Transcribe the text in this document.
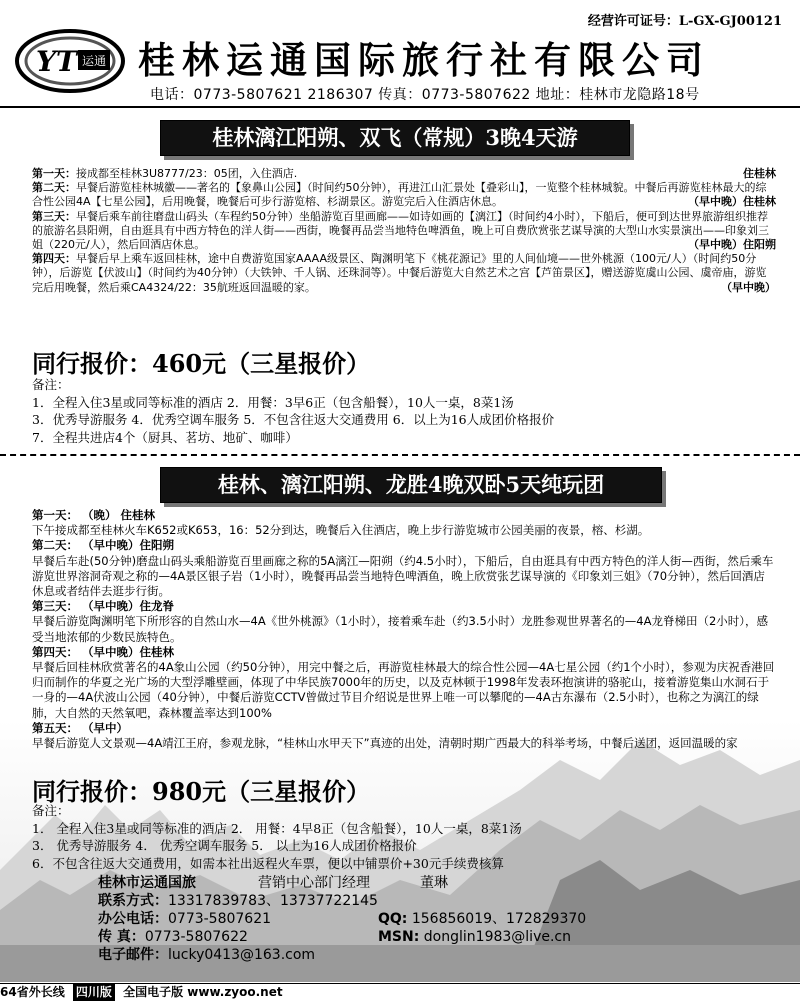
经营许可证号：L-GX-GJ00121
YT 运通 桂林运通国际旅行社有限公司
电话：0773-5807621 2186307 传真：0773-5807622 地址：桂林市龙隐路18号
桂林漓江阳朔、双飞（常规）3晚4天游
第一天：接成都至桂林3U8777/23：05团，入住酒店.	住桂林
第二天：早餐后游览桂林城徽——著名的【象鼻山公园】（时间约50分钟），再进江山汇景处【叠彩山】，一览整个桂林城貌。中餐后再游览桂林最大的综合性公园4A【七星公园】，后用晚餐，晚餐后可步行游览榕、杉湖景区。游览完后入住酒店休息。	（早中晚）住桂林
第三天：早餐后乘车前往磨盘山码头（车程约50分钟）坐船游览百里画廊——如诗如画的【漓江】（时间约4小时），下船后，便可到达世界旅游组织推荐的旅游名县阳朔，自由逛具有中西方特色的洋人街——西街，晚餐再品尝当地特色啤酒鱼，晚上可自费欣赏张艺谋导演的大型山水实景演出——印象刘三姐（220元/人），然后回酒店休息。	（早中晚）住阳朔
第四天：早餐后早上乘车返回桂林，途中自费游览国家AAAA级景区、陶渊明笔下《桃花源记》里的人间仙境——世外桃源（100元/人）（时间约50分钟），后游览【伏波山】（时间约为40分钟）（大铁钟、千人锅、还珠洞等）。中餐后游览大自然艺术之宫【芦笛景区】，赠送游览虞山公园、虞帝庙，游览完后用晚餐，然后乘CA4324/22：35航班返回温暖的家。	（早中晚）
同行报价：460元（三星报价）
备注：
1．全程入住3星或同等标准的酒店 2．用餐：3早6正（包含船餐），10人一桌，8菜1汤
3．优秀导游服务 4．优秀空调车服务 5．不包含往返大交通费用 6．以上为16人成团价格报价
7．全程共进店4个（厨具、茗坊、地矿、咖啡）
桂林、漓江阳朔、龙胜4晚双卧5天纯玩团
第一天： （晚） 住桂林
下午接成都至桂林火车K652或K653，16：52分到达，晚餐后入住酒店，晚上步行游览城市公园美丽的夜景，榕、杉湖。
第二天： （早中晚）住阳朔
早餐后车赴(50分钟)磨盘山码头乘船游览百里画廊之称的5A漓江—阳朔（约4.5小时），下船后，自由逛具有中西方特色的洋人街—西街，然后乘车游览世界溶洞奇观之称的—4A景区银子岩（1小时），晚餐再品尝当地特色啤酒鱼，晚上欣赏张艺谋导演的《印象刘三姐》（70分钟），然后回酒店休息或者结伴去逛步行街。
第三天： （早中晚）住龙脊
早餐后游览陶渊明笔下所形容的自然山水—4A《世外桃源》（1小时），接着乘车赴（约3.5小时）龙胜参观世界著名的—4A龙脊梯田（2小时），感受当地浓郁的少数民族特色。
第四天： （早中晚）住桂林
早餐后回桂林欣赏著名的4A象山公园（约50分钟），用完中餐之后，再游览桂林最大的综合性公园—4A七星公园（约1个小时），参观为庆祝香港回归而制作的华夏之光广场的大型浮雕壁画，体现了中华民族7000年的历史，以及克林顿于1998年发表环抱演讲的骆驼山，接着游览集山水洞石于一身的—4A伏波山公园（40分钟），中餐后游览CCTV曾做过节目介绍说是世界上唯一可以攀爬的—4A古东瀑布（2.5小时），也称之为漓江的绿肺，大自然的天然氧吧，森林覆盖率达到100%
第五天： （早中）
早餐后游览人文景观—4A靖江王府，参观龙脉，“桂林山水甲天下”真迹的出处，清朝时期广西最大的科举考场，中餐后送团，返回温暖的家
同行报价：980元（三星报价）
备注：
1． 全程入住3星或同等标准的酒店 2． 用餐：4早8正（包含船餐），10人一桌，8菜1汤
3． 优秀导游服务 4． 优秀空调车服务 5． 以上为16人成团价格报价
6．不包含往返大交通费用，如需本社出返程火车票，便以中铺票价+30元手续费核算
桂林市运通国旅	营销中心部门经理	董琳
联系方式：13317839783、13737722145
办公电话：0773-5807621	QQ: 156856019、172829370
传 真：0773-5807622	MSN: donglin1983@live.cn
电子邮件：lucky0413@163.com
64省外长线 四川版 全国电子版 www.zyoo.net
